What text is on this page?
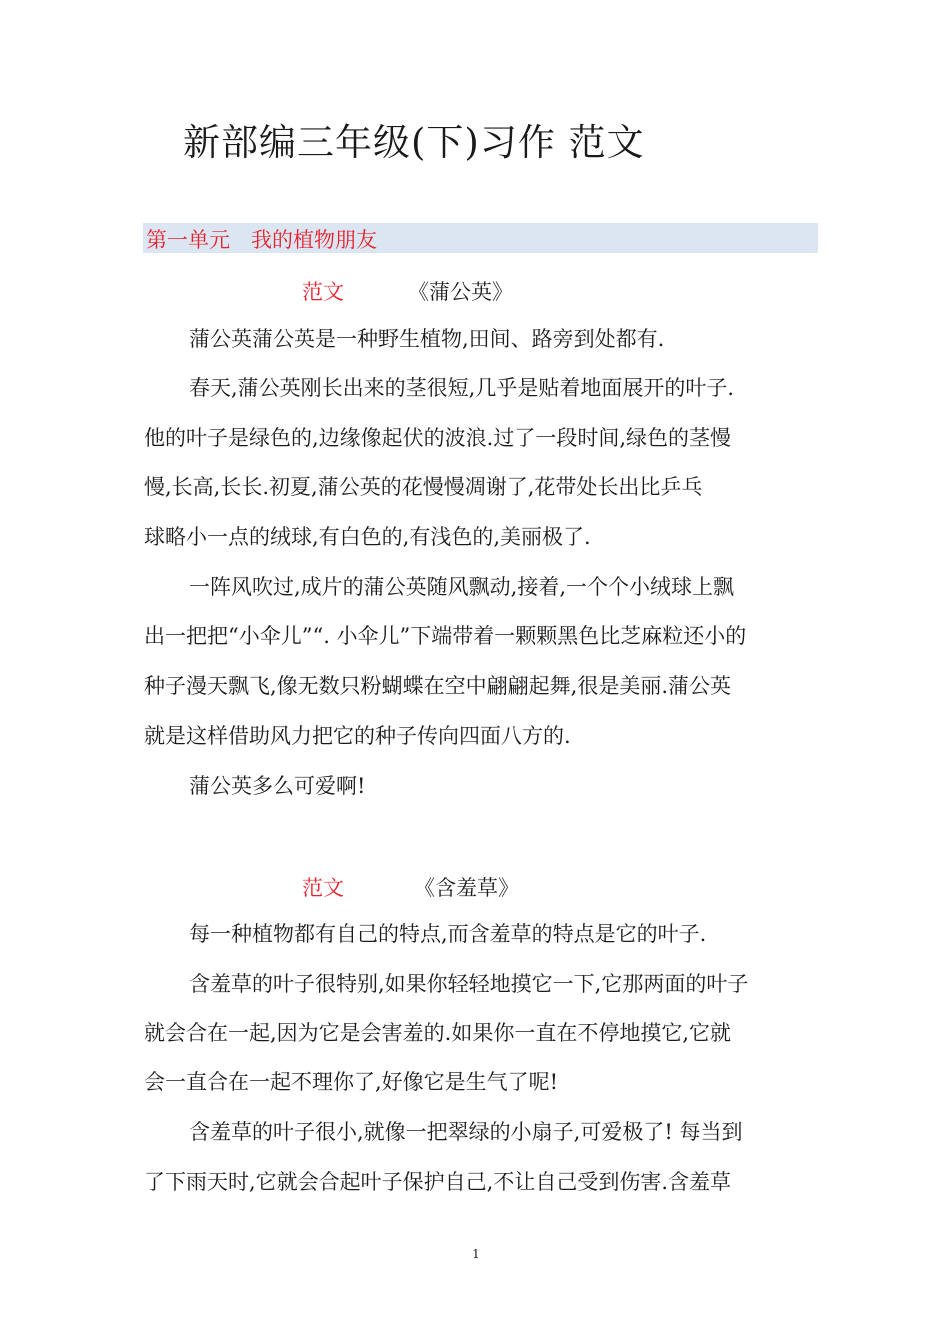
新部编三年级(下)习作 范文
第一单元　我的植物朋友
范文	《蒲公英》
蒲公英蒲公英是一种野生植物,田间、路旁到处都有.
春天,蒲公英刚长出来的茎很短,几乎是贴着地面展开的叶子.
他的叶子是绿色的,边缘像起伏的波浪.过了一段时间,绿色的茎慢
慢,长高,长长.初夏,蒲公英的花慢慢凋谢了,花带处长出比乒乓
球略小一点的绒球,有白色的,有浅色的,美丽极了.
一阵风吹过,成片的蒲公英随风飘动,接着,一个个小绒球上飘
出一把把“小伞儿”“. 小伞儿”下端带着一颗颗黑色比芝麻粒还小的
种子漫天飘飞,像无数只粉蝴蝶在空中翩翩起舞,很是美丽.蒲公英
就是这样借助风力把它的种子传向四面八方的.
蒲公英多么可爱啊!
范文	《含羞草》
每一种植物都有自己的特点,而含羞草的特点是它的叶子.
含羞草的叶子很特别,如果你轻轻地摸它一下,它那两面的叶子
就会合在一起,因为它是会害羞的.如果你一直在不停地摸它,它就
会一直合在一起不理你了,好像它是生气了呢!
含羞草的叶子很小,就像一把翠绿的小扇子,可爱极了! 每当到
了下雨天时,它就会合起叶子保护自己,不让自己受到伤害.含羞草
1
